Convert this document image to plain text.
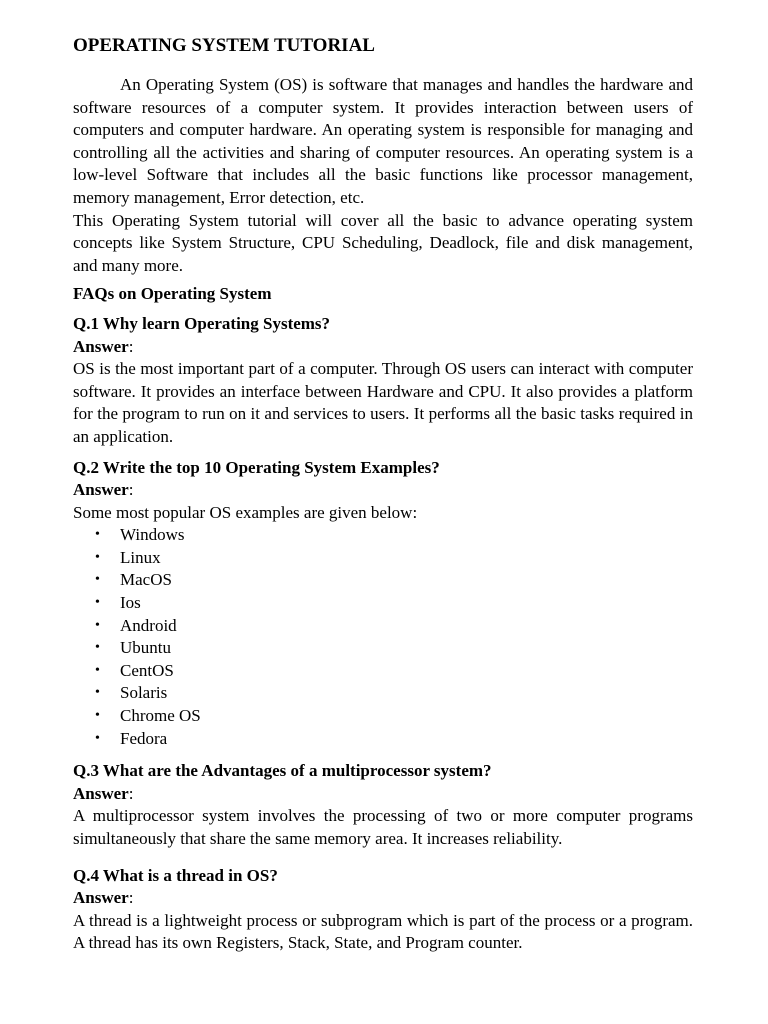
OPERATING SYSTEM TUTORIAL

An Operating System (OS) is software that manages and handles the hardware and software resources of a computer system. It provides interaction between users of computers and computer hardware. An operating system is responsible for managing and controlling all the activities and sharing of computer resources. An operating system is a low-level Software that includes all the basic functions like processor management, memory management, Error detection, etc.

This Operating System tutorial will cover all the basic to advance operating system concepts like System Structure, CPU Scheduling, Deadlock, file and disk management, and many more.

FAQs on Operating System
Q.1 Why learn Operating Systems?
Answer:

OS is the most important part of a computer. Through OS users can interact with computer software. It provides an interface between Hardware and CPU. It also provides a platform for the program to run on it and services to users. It performs all the basic tasks required in an application.

Q.2 Write the top 10 Operating System Examples?
Answer:

Some most popular OS examples are given below:

• Windows
• Linux
• MacOS
• Ios
• Android
• Ubuntu
• CentOS
• Solaris
• Chrome OS
• Fedora
Q.3 What are the Advantages of a multiprocessor system?
Answer:

A multiprocessor system involves the processing of two or more computer programs simultaneously that share the same memory area. It increases reliability.

Q.4 What is a thread in OS?
Answer:

A thread is a lightweight process or subprogram which is part of the process or a program. A thread has its own Registers, Stack, State, and Program counter.
